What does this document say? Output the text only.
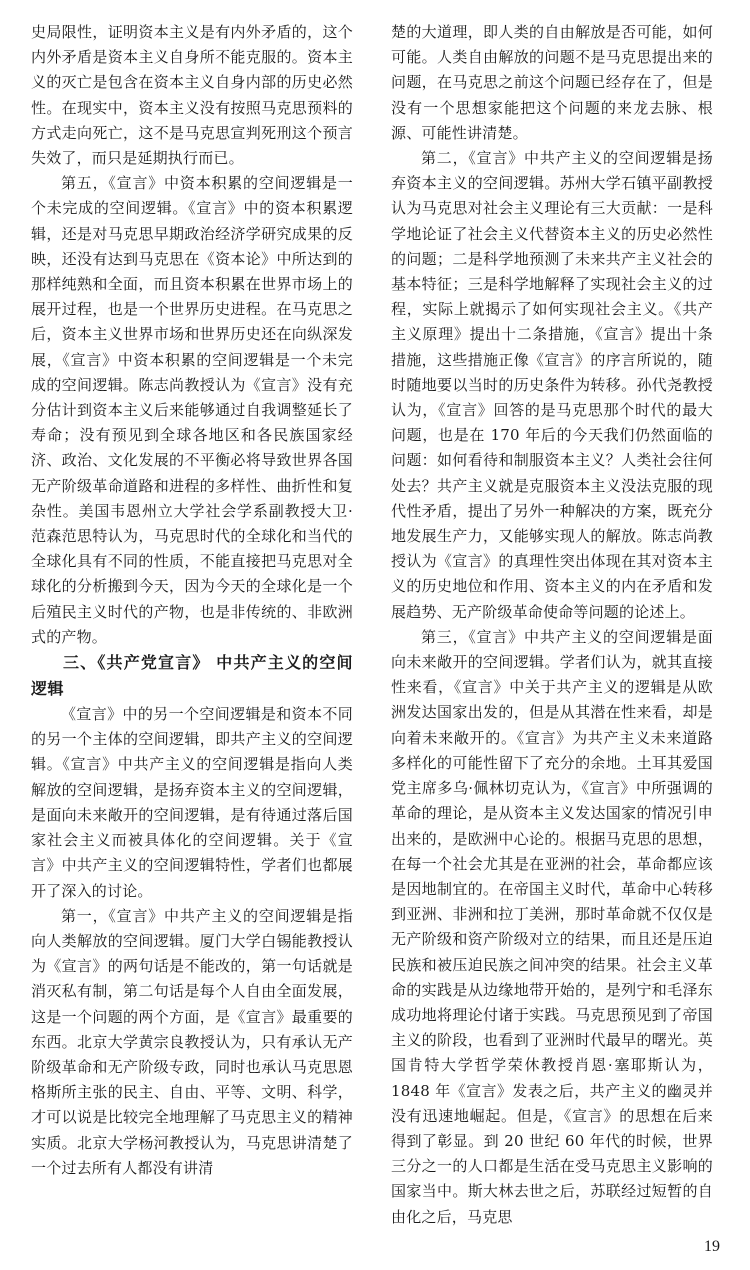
史局限性，证明资本主义是有内外矛盾的，这个内外矛盾是资本主义自身所不能克服的。资本主义的灭亡是包含在资本主义自身内部的历史必然性。在现实中，资本主义没有按照马克思预料的方式走向死亡，这不是马克思宣判死刑这个预言失效了，而只是延期执行而已。

第五，《宣言》中资本积累的空间逻辑是一个未完成的空间逻辑。《宣言》中的资本积累逻辑，还是对马克思早期政治经济学研究成果的反映，还没有达到马克思在《资本论》中所达到的那样纯熟和全面，而且资本积累在世界市场上的展开过程，也是一个世界历史进程。在马克思之后，资本主义世界市场和世界历史还在向纵深发展，《宣言》中资本积累的空间逻辑是一个未完成的空间逻辑。陈志尚教授认为《宣言》没有充分估计到资本主义后来能够通过自我调整延长了寿命；没有预见到全球各地区和各民族国家经济、政治、文化发展的不平衡必将导致世界各国无产阶级革命道路和进程的多样性、曲折性和复杂性。美国韦恩州立大学社会学系副教授大卫·范森范思特认为，马克思时代的全球化和当代的全球化具有不同的性质，不能直接把马克思对全球化的分析搬到今天，因为今天的全球化是一个后殖民主义时代的产物，也是非传统的、非欧洲式的产物。

三、《共产党宣言》 中共产主义的空间逻辑

《宣言》中的另一个空间逻辑是和资本不同的另一个主体的空间逻辑，即共产主义的空间逻辑。《宣言》中共产主义的空间逻辑是指向人类解放的空间逻辑，是扬弃资本主义的空间逻辑，是面向未来敞开的空间逻辑，是有待通过落后国家社会主义而被具体化的空间逻辑。关于《宣言》中共产主义的空间逻辑特性，学者们也都展开了深入的讨论。

第一，《宣言》中共产主义的空间逻辑是指向人类解放的空间逻辑。厦门大学白锡能教授认为《宣言》的两句话是不能改的，第一句话就是消灭私有制，第二句话是每个人自由全面发展，这是一个问题的两个方面，是《宣言》最重要的东西。北京大学黄宗良教授认为，只有承认无产阶级革命和无产阶级专政，同时也承认马克思恩格斯所主张的民主、自由、平等、文明、科学，才可以说是比较完全地理解了马克思主义的精神实质。北京大学杨河教授认为，马克思讲清楚了一个过去所有人都没有讲清

楚的大道理，即人类的自由解放是否可能，如何可能。人类自由解放的问题不是马克思提出来的问题，在马克思之前这个问题已经存在了，但是没有一个思想家能把这个问题的来龙去脉、根源、可能性讲清楚。

第二，《宣言》中共产主义的空间逻辑是扬弃资本主义的空间逻辑。苏州大学石镇平副教授认为马克思对社会主义理论有三大贡献：一是科学地论证了社会主义代替资本主义的历史必然性的问题；二是科学地预测了未来共产主义社会的基本特征；三是科学地解释了实现社会主义的过程，实际上就揭示了如何实现社会主义。《共产主义原理》提出十二条措施，《宣言》提出十条措施，这些措施正像《宣言》的序言所说的，随时随地要以当时的历史条件为转移。孙代尧教授认为，《宣言》回答的是马克思那个时代的最大问题，也是在 170 年后的今天我们仍然面临的问题：如何看待和制服资本主义？人类社会往何处去？共产主义就是克服资本主义没法克服的现代性矛盾，提出了另外一种解决的方案，既充分地发展生产力，又能够实现人的解放。陈志尚教授认为《宣言》的真理性突出体现在其对资本主义的历史地位和作用、资本主义的内在矛盾和发展趋势、无产阶级革命使命等问题的论述上。

第三，《宣言》中共产主义的空间逻辑是面向未来敞开的空间逻辑。学者们认为，就其直接性来看，《宣言》中关于共产主义的逻辑是从欧洲发达国家出发的，但是从其潜在性来看，却是向着未来敞开的。《宣言》为共产主义未来道路多样化的可能性留下了充分的余地。土耳其爱国党主席多乌·佩林切克认为，《宣言》中所强调的革命的理论，是从资本主义发达国家的情况引申出来的，是欧洲中心论的。根据马克思的思想，在每一个社会尤其是在亚洲的社会，革命都应该是因地制宜的。在帝国主义时代，革命中心转移到亚洲、非洲和拉丁美洲，那时革命就不仅仅是无产阶级和资产阶级对立的结果，而且还是压迫民族和被压迫民族之间冲突的结果。社会主义革命的实践是从边缘地带开始的，是列宁和毛泽东成功地将理论付诸于实践。马克思预见到了帝国主义的阶段，也看到了亚洲时代最早的曙光。英国肯特大学哲学荣休教授肖恩·塞耶斯认为，1848 年《宣言》发表之后，共产主义的幽灵并没有迅速地崛起。但是，《宣言》的思想在后来得到了彰显。到 20 世纪 60 年代的时候，世界三分之一的人口都是生活在受马克思主义影响的国家当中。斯大林去世之后，苏联经过短暂的自由化之后，马克思

19
